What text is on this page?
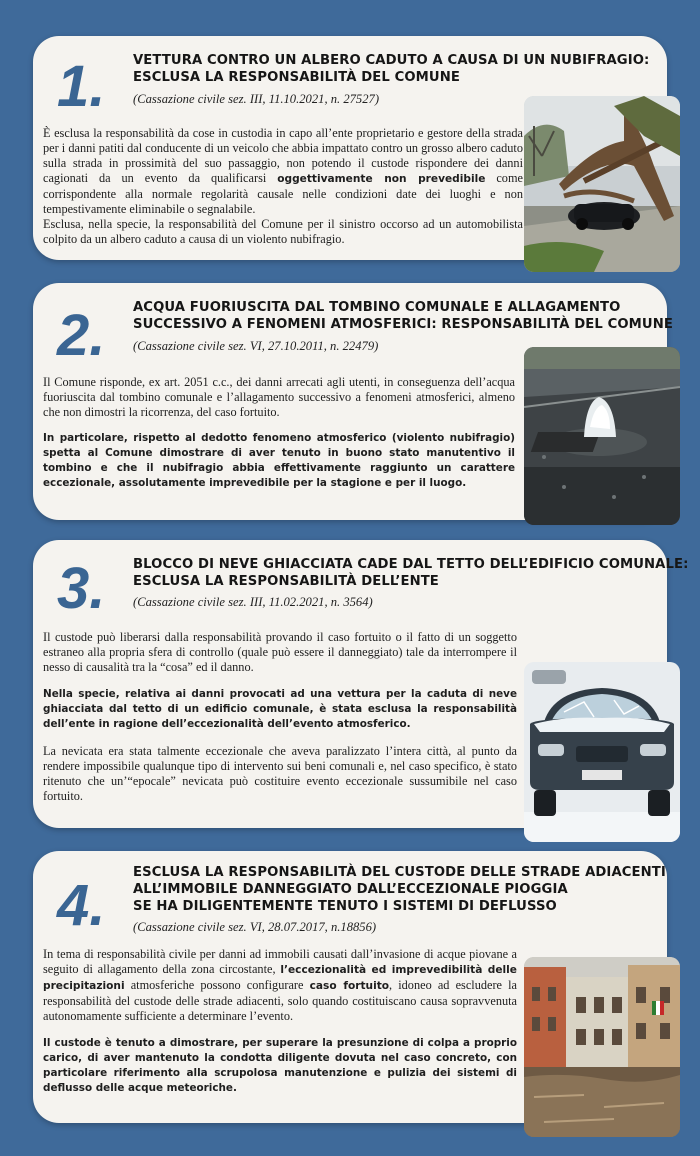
1. VETTURA CONTRO UN ALBERO CADUTO A CAUSA DI UN NUBIFRAGIO:
ESCLUSA LA RESPONSABILITÀ DEL COMUNE
(Cassazione civile sez. III, 11.10.2021, n. 27527)

È esclusa la responsabilità da cose in custodia in capo all’ente proprietario e gestore della strada per i danni patiti dal conducente di un veicolo che abbia impattato contro un grosso albero caduto sulla strada in prossimità del suo passaggio, non potendo il custode rispondere dei danni cagionati da un evento da qualificarsi oggettivamente non prevedibile come corrispondente alla normale regolarità causale nelle condizioni date dei luoghi e non tempestivamente eliminabile o segnalabile.

Esclusa, nella specie, la responsabilità del Comune per il sinistro occorso ad un automobilista colpito da un albero caduto a causa di un violento nubifragio.

2. ACQUA FUORIUSCITA DAL TOMBINO COMUNALE E ALLAGAMENTO
SUCCESSIVO A FENOMENI ATMOSFERICI: RESPONSABILITÀ DEL COMUNE
(Cassazione civile sez. VI, 27.10.2011, n. 22479)

Il Comune risponde, ex art. 2051 c.c., dei danni arrecati agli utenti, in conseguenza dell’acqua fuoriuscita dal tombino comunale e l’allagamento successivo a fenomeni atmosferici, almeno che non dimostri la ricorrenza, del caso fortuito.

In particolare, rispetto al dedotto fenomeno atmosferico (violento nubifragio) spetta al Comune dimostrare di aver tenuto in buono stato manutentivo il tombino e che il nubifragio abbia effettivamente raggiunto un carattere eccezionale, assolutamente imprevedibile per la stagione e per il luogo.

3. BLOCCO DI NEVE GHIACCIATA CADE DAL TETTO DELL’EDIFICIO COMUNALE:
ESCLUSA LA RESPONSABILITÀ DELL’ENTE
(Cassazione civile sez. III, 11.02.2021, n. 3564)

Il custode può liberarsi dalla responsabilità provando il caso fortuito o il fatto di un soggetto estraneo alla propria sfera di controllo (quale può essere il danneggiato) tale da interrompere il nesso di causalità tra la “cosa” ed il danno.

Nella specie, relativa ai danni provocati ad una vettura per la caduta di neve ghiacciata dal tetto di un edificio comunale, è stata esclusa la responsabilità dell’ente in ragione dell’eccezionalità dell’evento atmosferico.

La nevicata era stata talmente eccezionale che aveva paralizzato l’intera città, al punto da rendere impossibile qualunque tipo di intervento sui beni comunali e, nel caso specifico, è stato ritenuto che un’“epocale” nevicata può costituire evento eccezionale sussumibile nel caso fortuito.

4.
ESCLUSA LA RESPONSABILITÀ DEL CUSTODE DELLE STRADE ADIACENTI
ALL’IMMOBILE DANNEGGIATO DALL’ECCEZIONALE PIOGGIA
SE HA DILIGENTEMENTE TENUTO I SISTEMI DI DEFLUSSO
(Cassazione civile sez. VI, 28.07.2017, n.18856)

In tema di responsabilità civile per danni ad immobili causati dall’invasione di acque piovane a seguito di allagamento della zona circostante, l’eccezionalità ed imprevedibilità delle precipitazioni atmosferiche possono configurare caso fortuito, idoneo ad escludere la responsabilità del custode delle strade adiacenti, solo quando costituiscano causa sopravvenuta autonomamente sufficiente a determinare l’evento.

Il custode è tenuto a dimostrare, per superare la presunzione di colpa a proprio carico, di aver mantenuto la condotta diligente dovuta nel caso concreto, con particolare riferimento alla scrupolosa manutenzione e pulizia dei sistemi di deflusso delle acque meteoriche.
